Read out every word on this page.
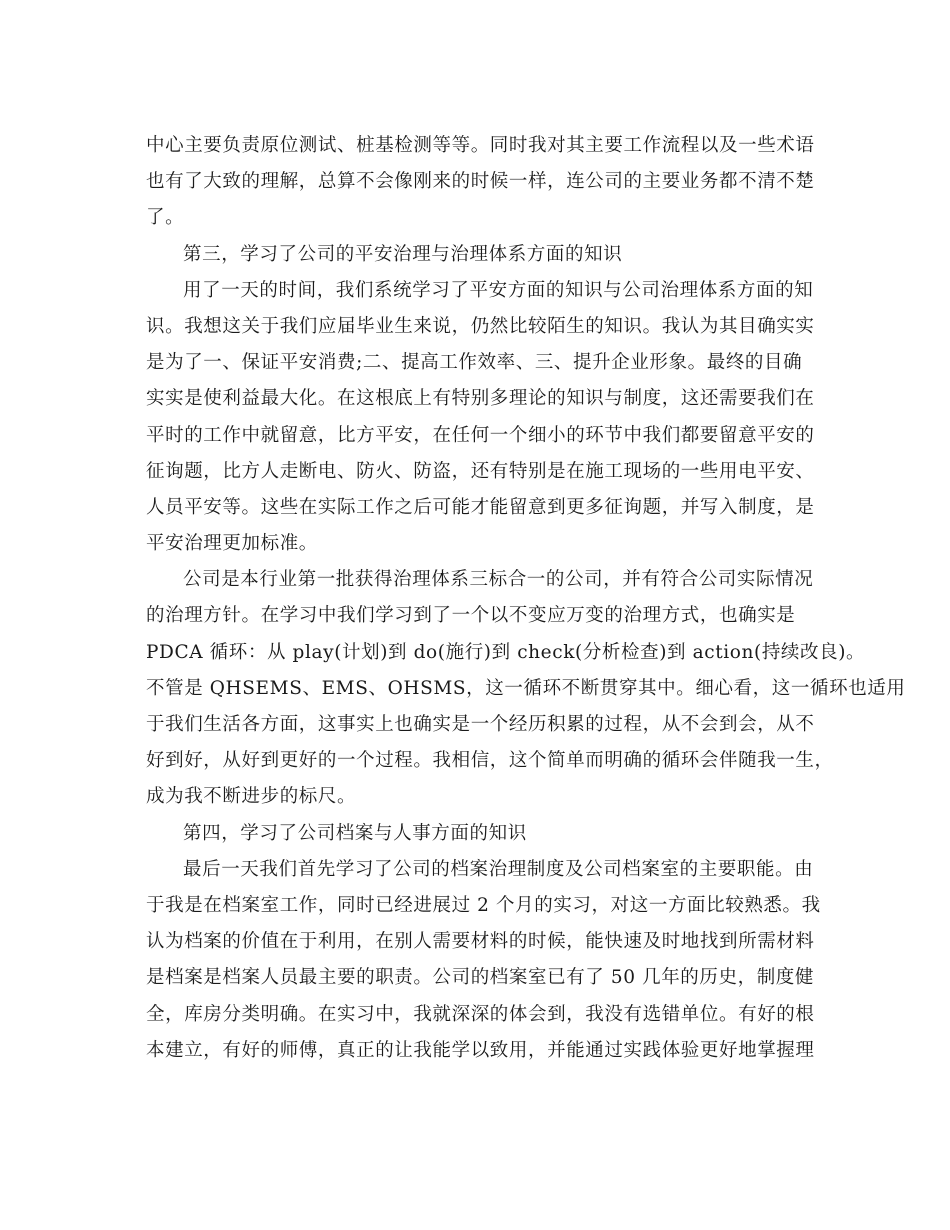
中心主要负责原位测试、桩基检测等等。同时我对其主要工作流程以及一些术语
也有了大致的理解，总算不会像刚来的时候一样，连公司的主要业务都不清不楚
了。
第三，学习了公司的平安治理与治理体系方面的知识
用了一天的时间，我们系统学习了平安方面的知识与公司治理体系方面的知
识。我想这关于我们应届毕业生来说，仍然比较陌生的知识。我认为其目确实实
是为了一、保证平安消费;二、提高工作效率、三、提升企业形象。最终的目确
实实是使利益最大化。在这根底上有特别多理论的知识与制度，这还需要我们在
平时的工作中就留意，比方平安，在任何一个细小的环节中我们都要留意平安的
征询题，比方人走断电、防火、防盗，还有特别是在施工现场的一些用电平安、
人员平安等。这些在实际工作之后可能才能留意到更多征询题，并写入制度，是
平安治理更加标准。
公司是本行业第一批获得治理体系三标合一的公司，并有符合公司实际情况
的治理方针。在学习中我们学习到了一个以不变应万变的治理方式，也确实是
PDCA 循环：从 play(计划)到 do(施行)到 check(分析检查)到 action(持续改良)。
不管是 QHSEMS、EMS、OHSMS，这一循环不断贯穿其中。细心看，这一循环也适用
于我们生活各方面，这事实上也确实是一个经历积累的过程，从不会到会，从不
好到好，从好到更好的一个过程。我相信，这个简单而明确的循环会伴随我一生，
成为我不断进步的标尺。
第四，学习了公司档案与人事方面的知识
最后一天我们首先学习了公司的档案治理制度及公司档案室的主要职能。由
于我是在档案室工作，同时已经进展过 2 个月的实习，对这一方面比较熟悉。我
认为档案的价值在于利用，在别人需要材料的时候，能快速及时地找到所需材料
是档案是档案人员最主要的职责。公司的档案室已有了 50 几年的历史，制度健
全，库房分类明确。在实习中，我就深深的体会到，我没有选错单位。有好的根
本建立，有好的师傅，真正的让我能学以致用，并能通过实践体验更好地掌握理
